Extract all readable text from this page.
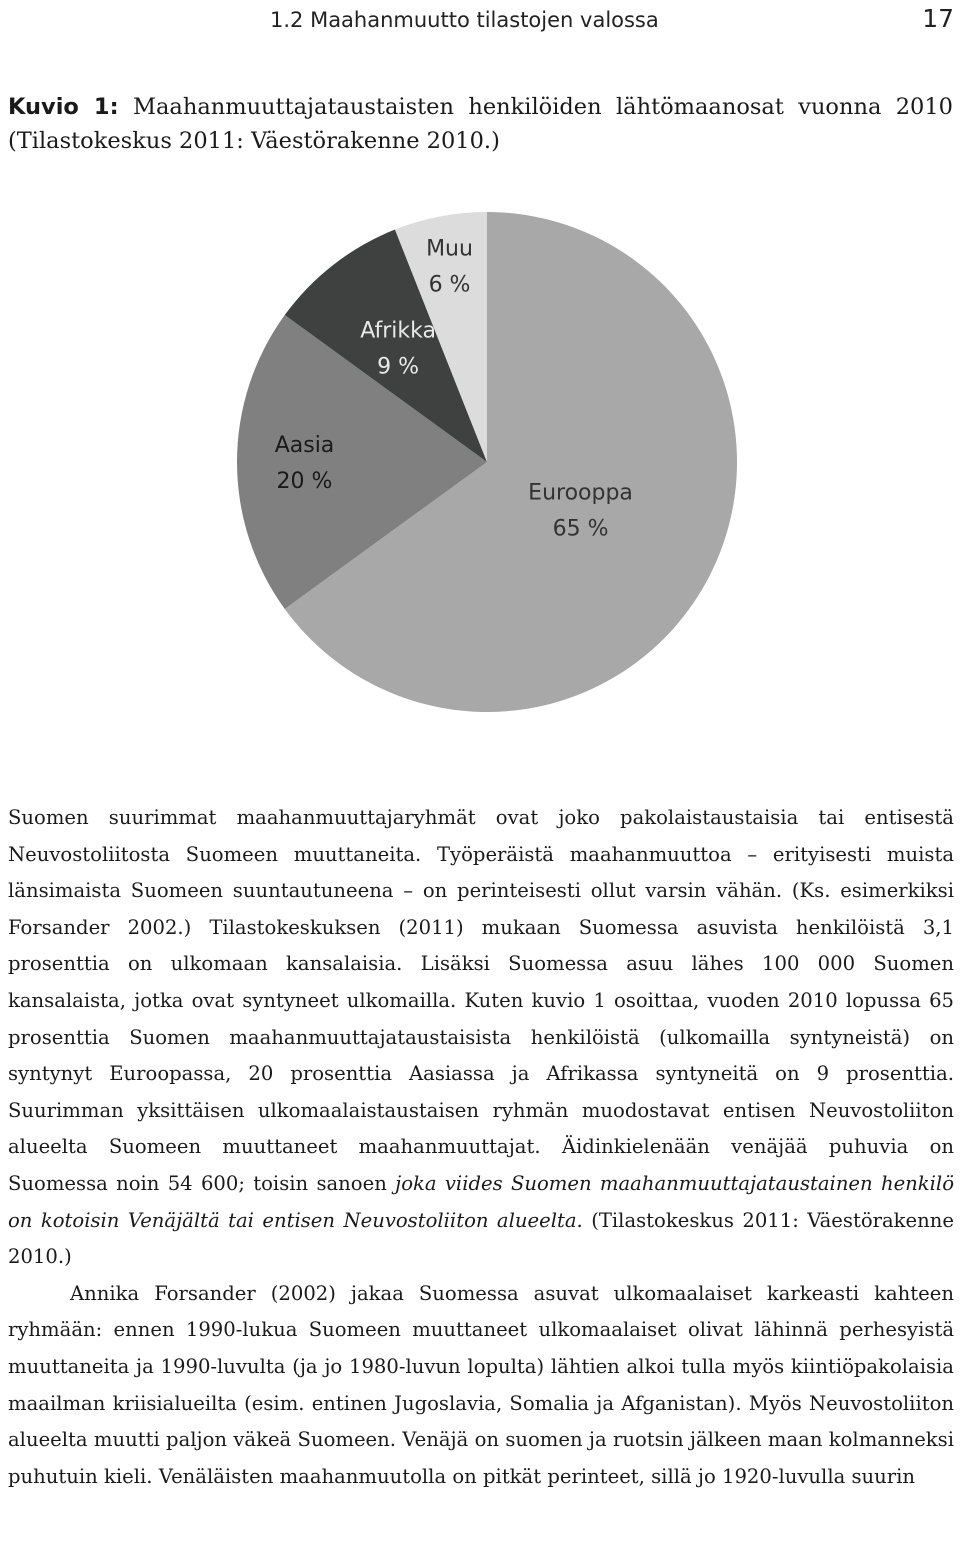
1.2 Maahanmuutto tilastojen valossa	17
Kuvio 1: Maahanmuuttajataustaisten henkilöiden lähtömaanosat vuonna 2010 (Tilastokeskus 2011: Väestörakenne 2010.)
Eurooppa
65 %
Aasia
20 %
Afrikka
9 %
Muu
6 %

Suomen suurimmat maahanmuuttajaryhmät ovat joko pakolaistaustaisia tai entisestä Neuvostoliitosta Suomeen muuttaneita. Työperäistä maahanmuuttoa – erityisesti muista länsimaista Suomeen suuntautuneena – on perinteisesti ollut varsin vähän. (Ks. esimerkiksi Forsander 2002.) Tilastokeskuksen (2011) mukaan Suomessa asuvista henkilöistä 3,1 prosenttia on ulkomaan kansalaisia. Lisäksi Suomessa asuu lähes 100 000 Suomen kansalaista, jotka ovat syntyneet ulkomailla. Kuten kuvio 1 osoittaa, vuoden 2010 lopussa 65 prosenttia Suomen maahanmuuttajataustaisista henkilöistä (ulkomailla syntyneistä) on syntynyt Euroopassa, 20 prosenttia Aasiassa ja Afrikassa syntyneitä on 9 prosenttia. Suurimman yksittäisen ulkomaalaistaustaisen ryhmän muodostavat entisen Neuvostoliiton alueelta Suomeen muuttaneet maahanmuuttajat. Äidinkielenään venäjää puhuvia on Suomessa noin 54 600; toisin sanoen joka viides Suomen maahanmuuttajataustainen henkilö on kotoisin Venäjältä tai entisen Neuvostoliiton alueelta. (Tilastokeskus 2011: Väestörakenne 2010.)

Annika Forsander (2002) jakaa Suomessa asuvat ulkomaalaiset karkeasti kahteen ryhmään: ennen 1990-lukua Suomeen muuttaneet ulkomaalaiset olivat lähinnä perhesyistä muuttaneita ja 1990-luvulta (ja jo 1980-luvun lopulta) lähtien alkoi tulla myös kiintiöpakolaisia maailman kriisialueilta (esim. entinen Jugoslavia, Somalia ja Afganistan). Myös Neuvostoliiton alueelta muutti paljon väkeä Suomeen. Venäjä on suomen ja ruotsin jälkeen maan kolmanneksi puhutuin kieli. Venäläisten maahanmuutolla on pitkät perinteet, sillä jo 1920-luvulla suurin
